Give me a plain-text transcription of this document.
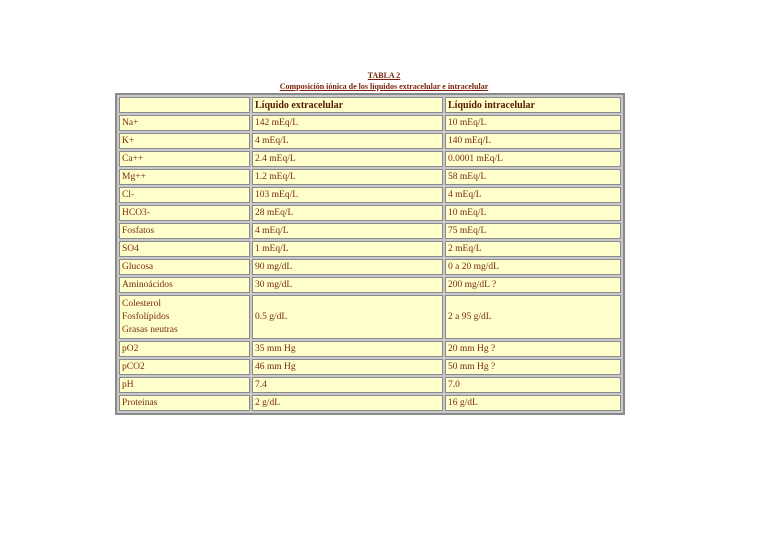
TABLA 2
Composición iónica de los líquidos extracelular e intracelular
	Líquido extracelular	Líquido intracelular

Na+	142 mEq/L	10 mEq/L

K+	4 mEq/L	140 mEq/L

Ca++	2.4 mEq/L	0.0001 mEq/L

Mg++	1.2 mEq/L	58 mEq/L

Cl-	103 mEq/L	4 mEq/L

HCO3-	28 mEq/L	10 mEq/L

Fosfatos	4 mEq/L	75 mEq/L

SO4	1 mEq/L	2 mEq/L

Glucosa	90 mg/dL	0 a 20 mg/dL

Aminoácidos	30 mg/dL	200 mg/dL ?

Colesterol
Fosfolípidos
Grasas neutras	0.5 g/dL	2 a 95 g/dL

pO2	35 mm Hg	20 mm Hg ?

pCO2	46 mm Hg	50 mm Hg ?

pH	7.4	7.0

Proteínas	2 g/dL	16 g/dL
